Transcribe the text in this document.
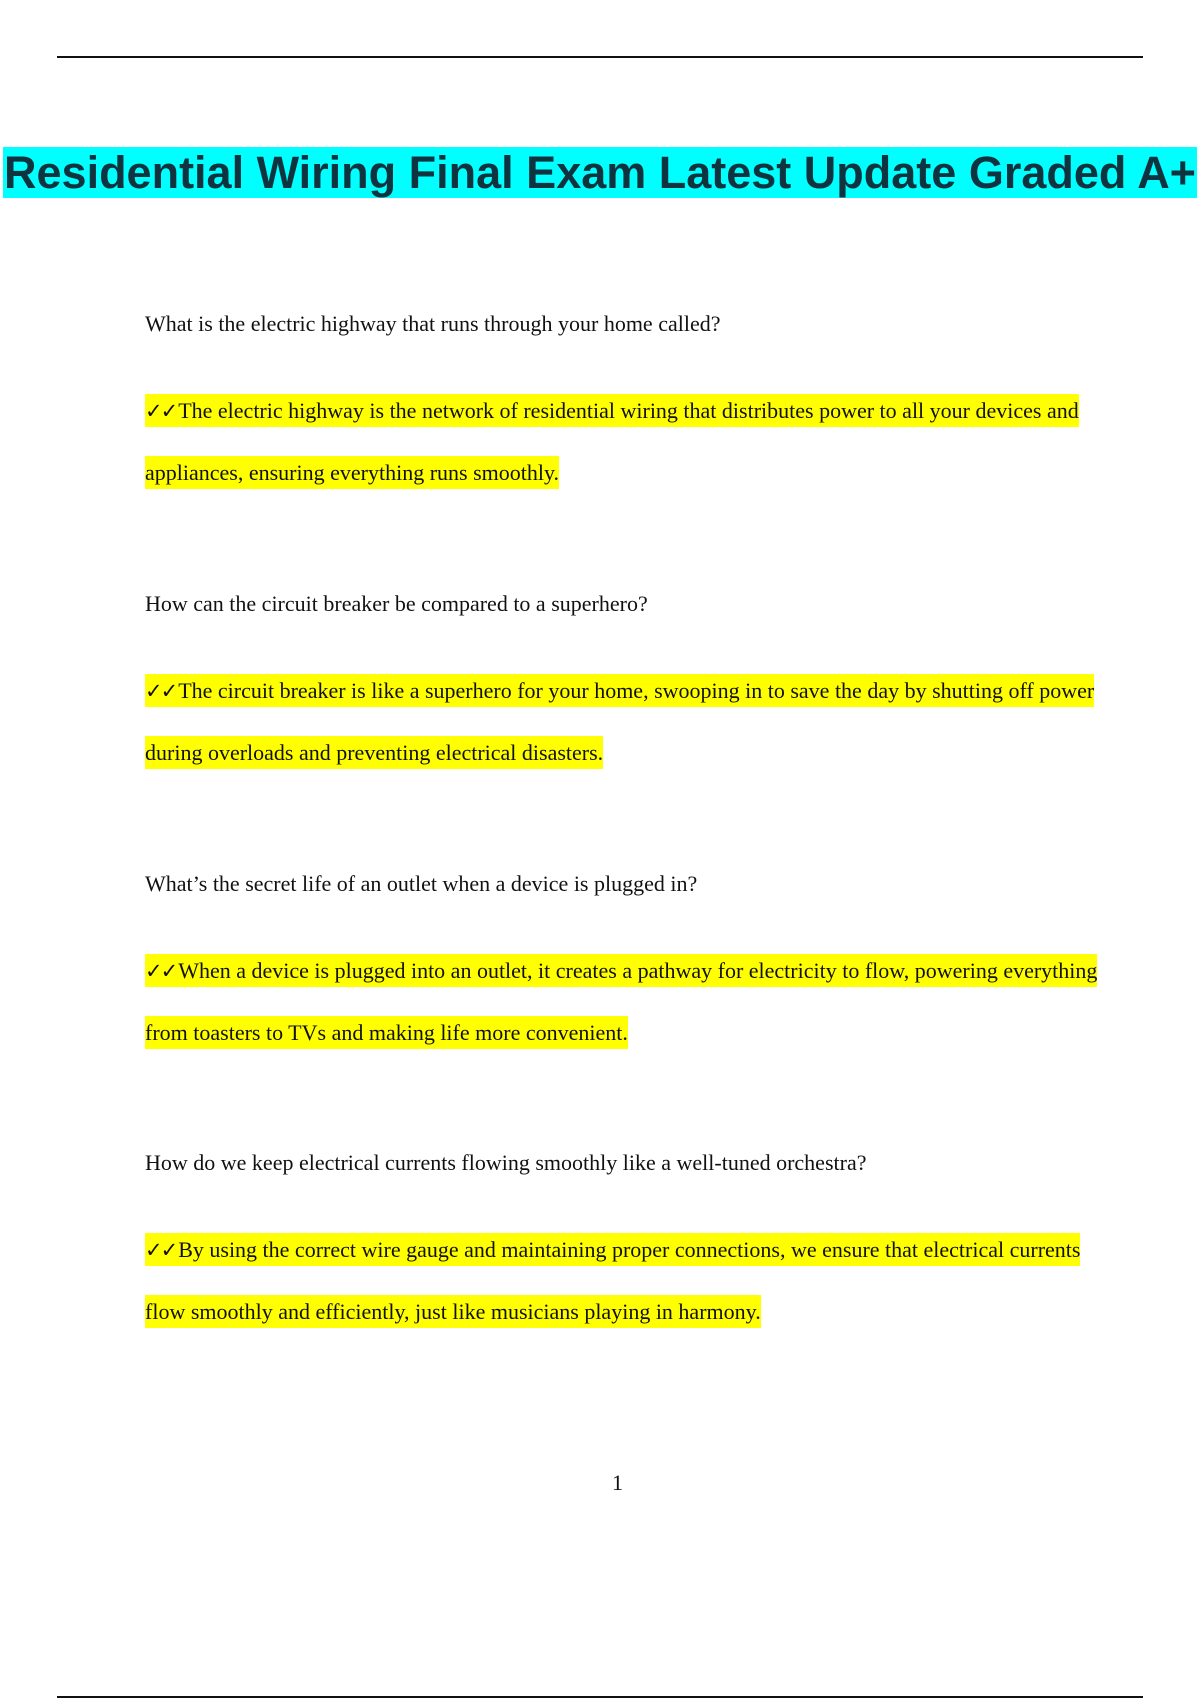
Residential Wiring Final Exam Latest Update Graded A+

What is the electric highway that runs through your home called?

✓✓The electric highway is the network of residential wiring that distributes power to all your devices and appliances, ensuring everything runs smoothly.

How can the circuit breaker be compared to a superhero?

✓✓The circuit breaker is like a superhero for your home, swooping in to save the day by shutting off power during overloads and preventing electrical disasters.

What’s the secret life of an outlet when a device is plugged in?

✓✓When a device is plugged into an outlet, it creates a pathway for electricity to flow, powering everything from toasters to TVs and making life more convenient.

How do we keep electrical currents flowing smoothly like a well-tuned orchestra?

✓✓By using the correct wire gauge and maintaining proper connections, we ensure that electrical currents flow smoothly and efficiently, just like musicians playing in harmony.

1
